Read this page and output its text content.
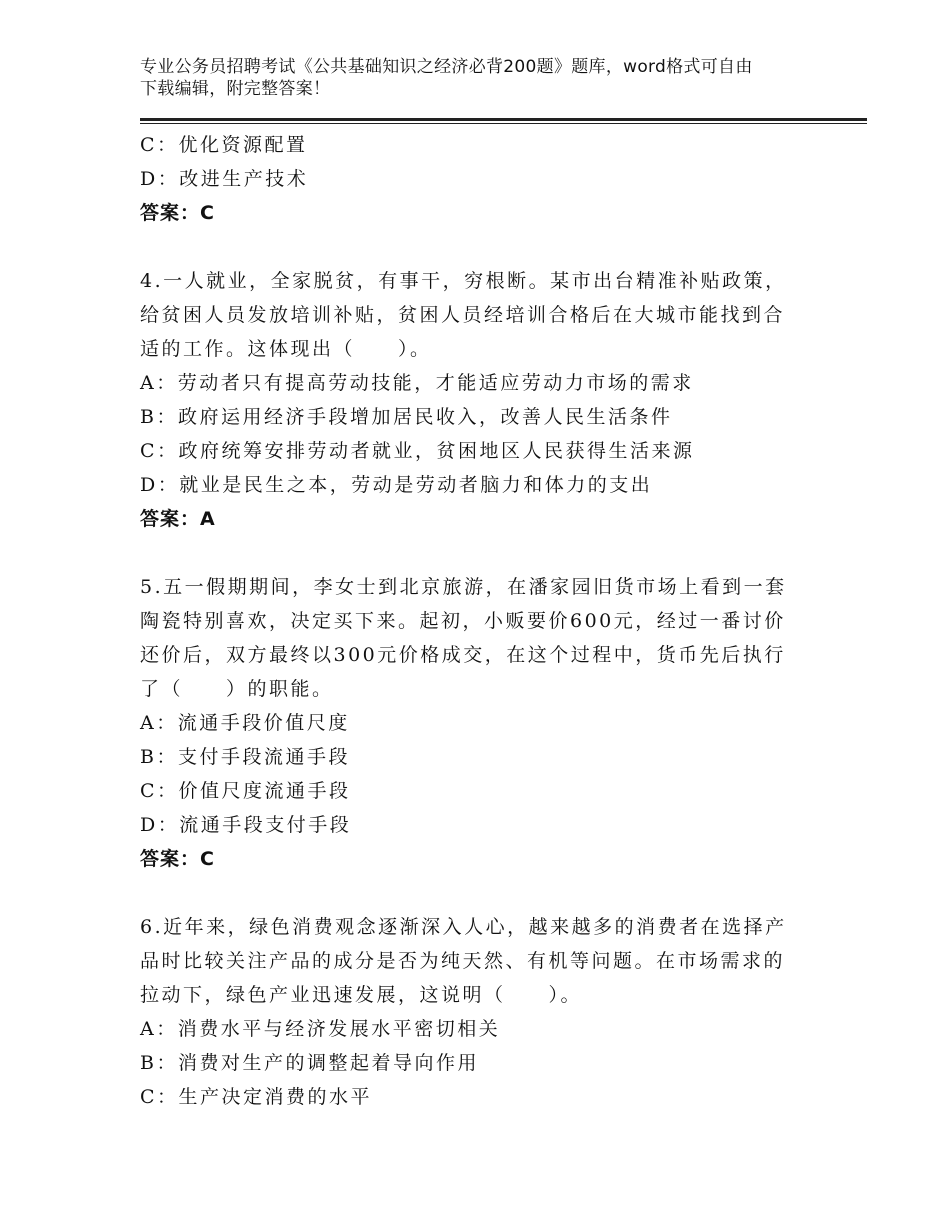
专业公务员招聘考试《公共基础知识之经济必背200题》题库，word格式可自由
下载编辑，附完整答案！
C：优化资源配置
D：改进生产技术
答案：C
4.一人就业，全家脱贫，有事干，穷根断。某市出台精准补贴政策，
给贫困人员发放培训补贴，贫困人员经培训合格后在大城市能找到合
适的工作。这体现出（　　）。
A：劳动者只有提高劳动技能，才能适应劳动力市场的需求
B：政府运用经济手段增加居民收入，改善人民生活条件
C：政府统筹安排劳动者就业，贫困地区人民获得生活来源
D：就业是民生之本，劳动是劳动者脑力和体力的支出
答案：A
5.五一假期期间，李女士到北京旅游，在潘家园旧货市场上看到一套
陶瓷特别喜欢，决定买下来。起初，小贩要价600元，经过一番讨价
还价后，双方最终以300元价格成交，在这个过程中，货币先后执行
了（　　）的职能。
A：流通手段价值尺度
B：支付手段流通手段
C：价值尺度流通手段
D：流通手段支付手段
答案：C
6.近年来，绿色消费观念逐渐深入人心，越来越多的消费者在选择产
品时比较关注产品的成分是否为纯天然、有机等问题。在市场需求的
拉动下，绿色产业迅速发展，这说明（　　）。
A：消费水平与经济发展水平密切相关
B：消费对生产的调整起着导向作用
C：生产决定消费的水平
